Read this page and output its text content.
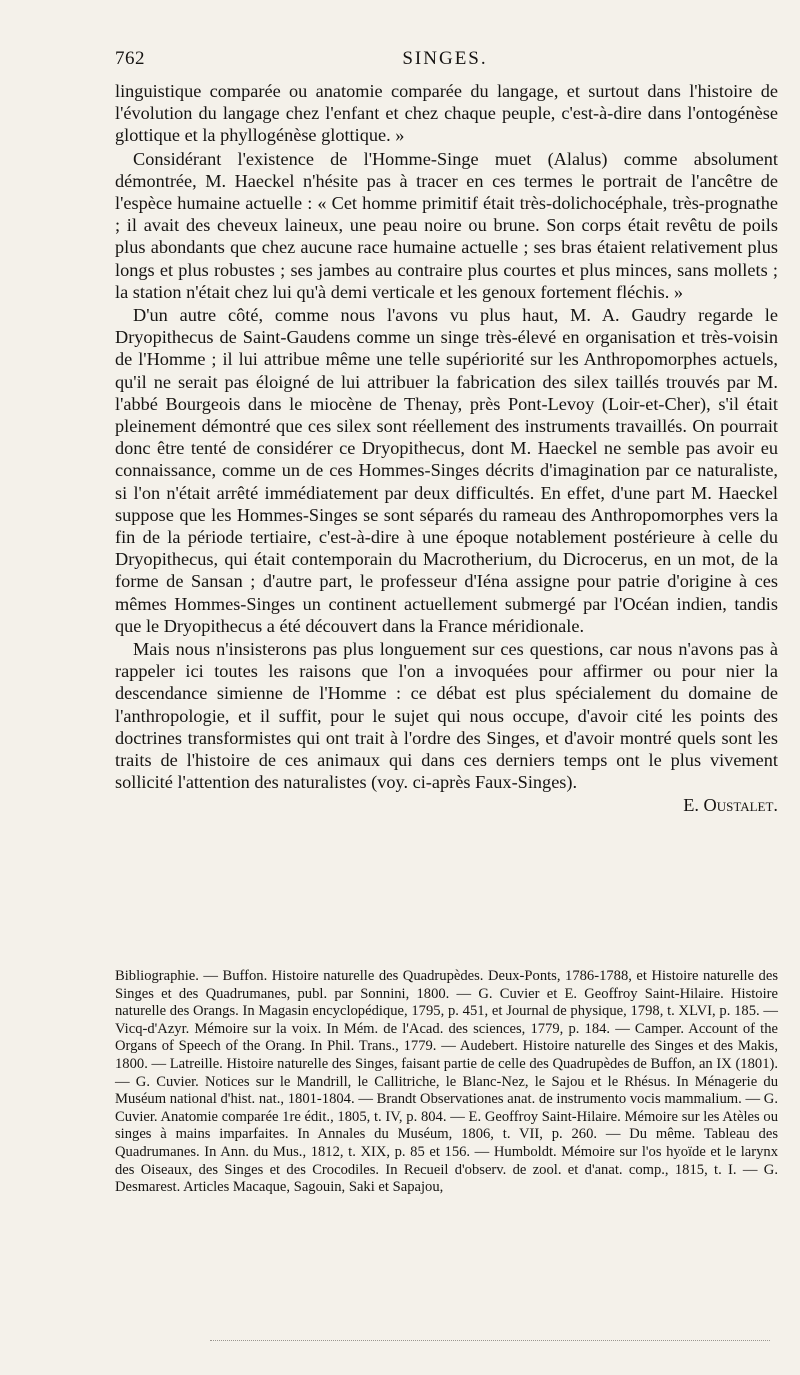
762	SINGES.

linguistique comparée ou anatomie comparée du langage, et surtout dans l'histoire de l'évolution du langage chez l'enfant et chez chaque peuple, c'est-à-dire dans l'ontogénèse glottique et la phyllogénèse glottique. »

Considérant l'existence de l'Homme-Singe muet (Alalus) comme absolument démontrée, M. Haeckel n'hésite pas à tracer en ces termes le portrait de l'ancêtre de l'espèce humaine actuelle : « Cet homme primitif était très-dolichocéphale, très-prognathe ; il avait des cheveux laineux, une peau noire ou brune. Son corps était revêtu de poils plus abondants que chez aucune race humaine actuelle ; ses bras étaient relativement plus longs et plus robustes ; ses jambes au contraire plus courtes et plus minces, sans mollets ; la station n'était chez lui qu'à demi verticale et les genoux fortement fléchis. »

D'un autre côté, comme nous l'avons vu plus haut, M. A. Gaudry regarde le Dryopithecus de Saint-Gaudens comme un singe très-élevé en organisation et très-voisin de l'Homme ; il lui attribue même une telle supériorité sur les Anthropomorphes actuels, qu'il ne serait pas éloigné de lui attribuer la fabrication des silex taillés trouvés par M. l'abbé Bourgeois dans le miocène de Thenay, près Pont-Levoy (Loir-et-Cher), s'il était pleinement démontré que ces silex sont réellement des instruments travaillés. On pourrait donc être tenté de considérer ce Dryopithecus, dont M. Haeckel ne semble pas avoir eu connaissance, comme un de ces Hommes-Singes décrits d'imagination par ce naturaliste, si l'on n'était arrêté immédiatement par deux difficultés. En effet, d'une part M. Haeckel suppose que les Hommes-Singes se sont séparés du rameau des Anthropomorphes vers la fin de la période tertiaire, c'est-à-dire à une époque notablement postérieure à celle du Dryopithecus, qui était contemporain du Macrotherium, du Dicrocerus, en un mot, de la forme de Sansan ; d'autre part, le professeur d'Iéna assigne pour patrie d'origine à ces mêmes Hommes-Singes un continent actuellement submergé par l'Océan indien, tandis que le Dryopithecus a été découvert dans la France méridionale.

Mais nous n'insisterons pas plus longuement sur ces questions, car nous n'avons pas à rappeler ici toutes les raisons que l'on a invoquées pour affirmer ou pour nier la descendance simienne de l'Homme : ce débat est plus spécialement du domaine de l'anthropologie, et il suffit, pour le sujet qui nous occupe, d'avoir cité les points des doctrines transformistes qui ont trait à l'ordre des Singes, et d'avoir montré quels sont les traits de l'histoire de ces animaux qui dans ces derniers temps ont le plus vivement sollicité l'attention des naturalistes (voy. ci-après Faux-Singes).
E. Oustalet.

Bibliographie. — Buffon. Histoire naturelle des Quadrupèdes. Deux-Ponts, 1786-1788, et Histoire naturelle des Singes et des Quadrumanes, publ. par Sonnini, 1800. — G. Cuvier et E. Geoffroy Saint-Hilaire. Histoire naturelle des Orangs. In Magasin encyclopédique, 1795, p. 451, et Journal de physique, 1798, t. XLVI, p. 185. — Vicq-d'Azyr. Mémoire sur la voix. In Mém. de l'Acad. des sciences, 1779, p. 184. — Camper. Account of the Organs of Speech of the Orang. In Phil. Trans., 1779. — Audebert. Histoire naturelle des Singes et des Makis, 1800. — Latreille. Histoire naturelle des Singes, faisant partie de celle des Quadrupèdes de Buffon, an IX (1801). — G. Cuvier. Notices sur le Mandrill, le Callitriche, le Blanc-Nez, le Sajou et le Rhésus. In Ménagerie du Muséum national d'hist. nat., 1801-1804. — Brandt Observationes anat. de instrumento vocis mammalium. — G. Cuvier. Anatomie comparée 1re édit., 1805, t. IV, p. 804. — E. Geoffroy Saint-Hilaire. Mémoire sur les Atèles ou singes à mains imparfaites. In Annales du Muséum, 1806, t. VII, p. 260. — Du même. Tableau des Quadrumanes. In Ann. du Mus., 1812, t. XIX, p. 85 et 156. — Humboldt. Mémoire sur l'os hyoïde et le larynx des Oiseaux, des Singes et des Crocodiles. In Recueil d'observ. de zool. et d'anat. comp., 1815, t. I. — G. Desmarest. Articles Macaque, Sagouin, Saki et Sapajou,
